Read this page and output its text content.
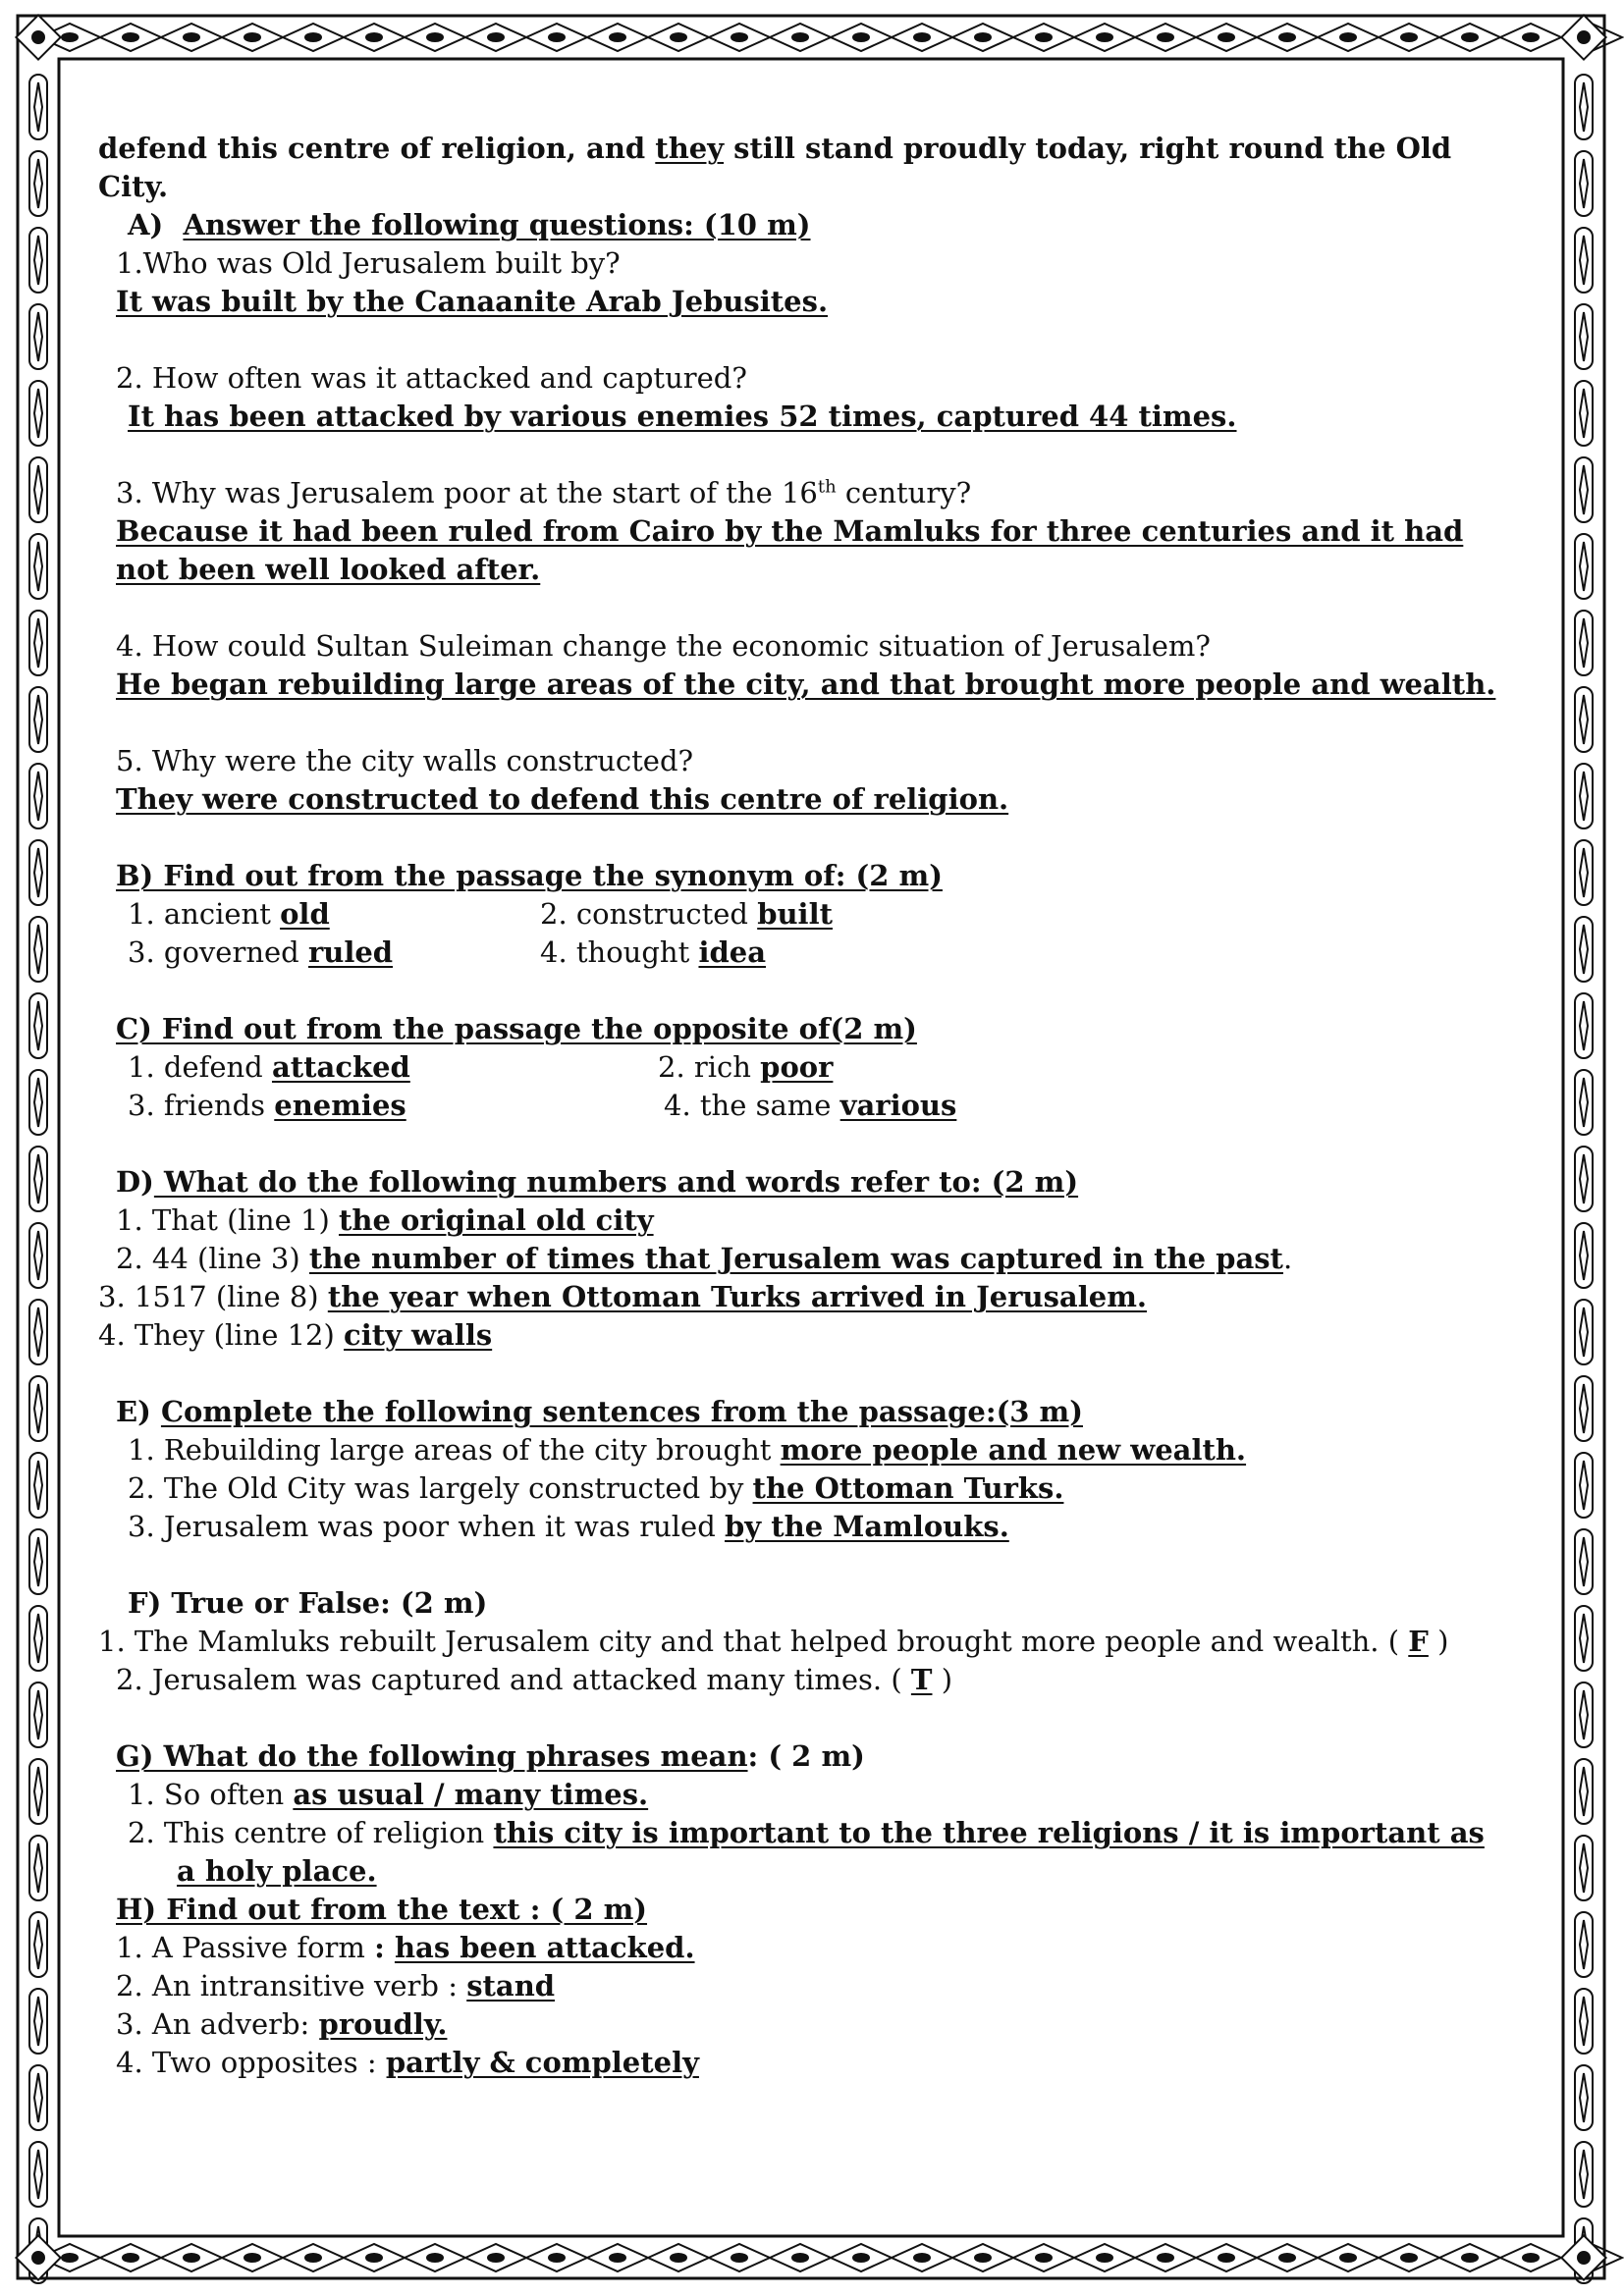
defend this centre of religion, and they still stand proudly today, right round the Old
City.
A) Answer the following questions: (10 m)
1.Who was Old Jerusalem built by?
It was built by the Canaanite Arab Jebusites.
2. How often was it attacked and captured?
It has been attacked by various enemies 52 times, captured 44 times.
3. Why was Jerusalem poor at the start of the 16th century?
Because it had been ruled from Cairo by the Mamluks for three centuries and it had
not been well looked after.
4. How could Sultan Suleiman change the economic situation of Jerusalem?
He began rebuilding large areas of the city, and that brought more people and wealth.
5. Why were the city walls constructed?
They were constructed to defend this centre of religion.
B) Find out from the passage the synonym of: (2 m)
1. ancient old	2. constructed built
3. governed ruled	4. thought idea
C) Find out from the passage the opposite of(2 m)
1. defend attacked	2. rich poor
3. friends enemies	4. the same various
D) What do the following numbers and words refer to: (2 m)
1. That (line 1) the original old city
2. 44 (line 3) the number of times that Jerusalem was captured in the past.
3. 1517 (line 8) the year when Ottoman Turks arrived in Jerusalem.
4. They (line 12) city walls
E) Complete the following sentences from the passage:(3 m)
1. Rebuilding large areas of the city brought more people and new wealth.
2. The Old City was largely constructed by the Ottoman Turks.
3. Jerusalem was poor when it was ruled by the Mamlouks.
F) True or False: (2 m)
1. The Mamluks rebuilt Jerusalem city and that helped brought more people and wealth. ( F )
2. Jerusalem was captured and attacked many times. ( T )
G) What do the following phrases mean: ( 2 m)
1. So often as usual / many times.
2. This centre of religion this city is important to the three religions / it is important as
a holy place.
H) Find out from the text : ( 2 m)
1. A Passive form : has been attacked.
2. An intransitive verb : stand
3. An adverb: proudly.
4. Two opposites : partly & completely
